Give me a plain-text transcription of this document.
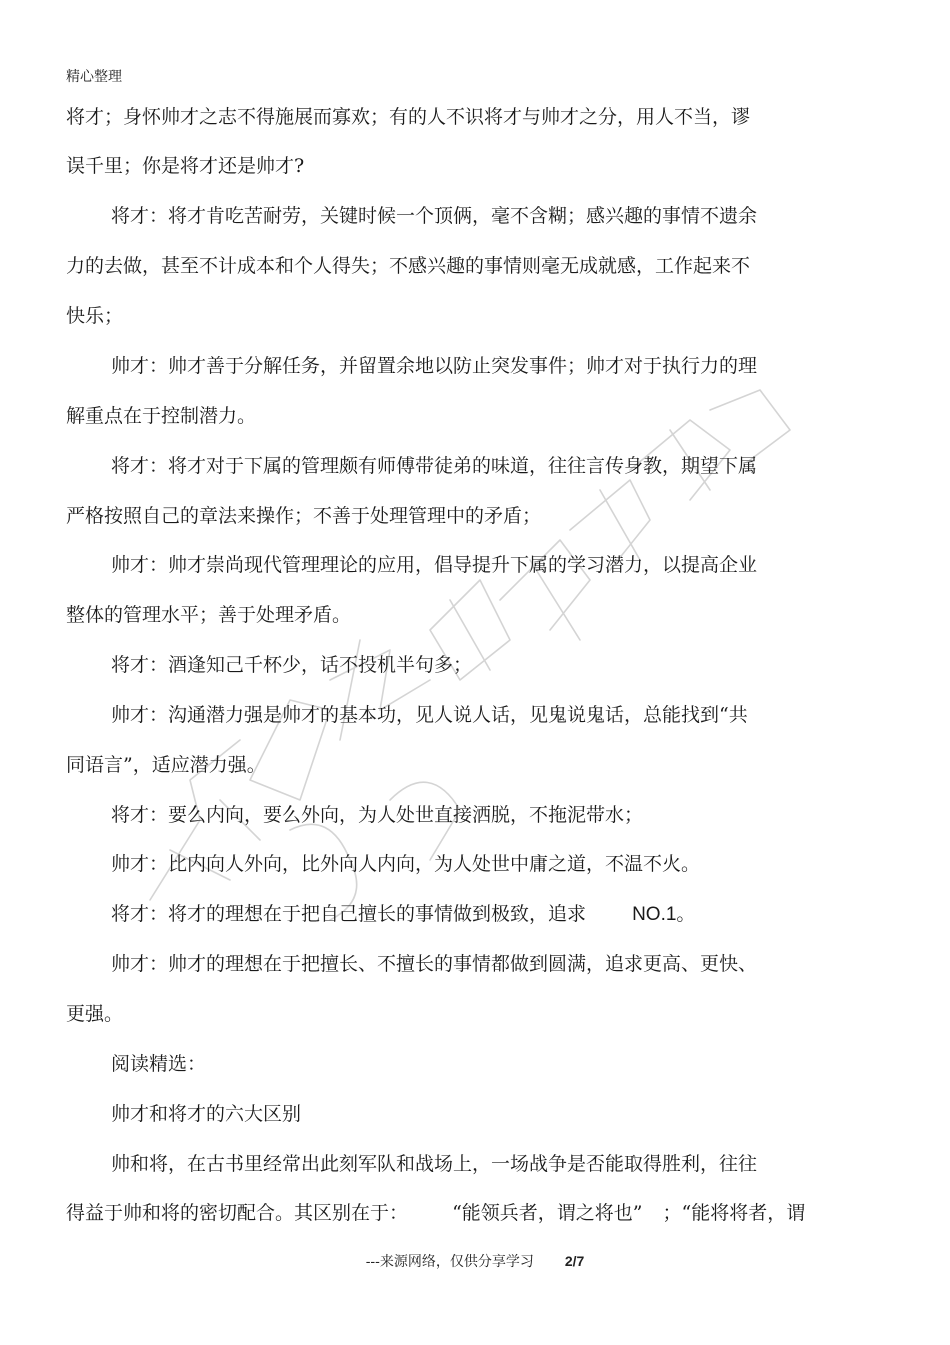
精心整理
将才；身怀帅才之志不得施展而寡欢；有的人不识将才与帅才之分，用人不当，谬
误千里；你是将才还是帅才?
将才：将才肯吃苦耐劳，关键时候一个顶俩，毫不含糊；感兴趣的事情不遗余
力的去做，甚至不计成本和个人得失；不感兴趣的事情则毫无成就感，工作起来不
快乐；
帅才：帅才善于分解任务，并留置余地以防止突发事件；帅才对于执行力的理
解重点在于控制潜力。
将才：将才对于下属的管理颇有师傅带徒弟的味道，往往言传身教，期望下属
严格按照自己的章法来操作；不善于处理管理中的矛盾；
帅才：帅才崇尚现代管理理论的应用，倡导提升下属的学习潜力，以提高企业
整体的管理水平；善于处理矛盾。
将才：酒逢知己千杯少，话不投机半句多；
帅才：沟通潜力强是帅才的基本功，见人说人话，见鬼说鬼话，总能找到“共
同语言”，适应潜力强。
将才：要么内向，要么外向，为人处世直接洒脱，不拖泥带水；
帅才：比内向人外向，比外向人内向，为人处世中庸之道，不温不火。
将才：将才的理想在于把自己擅长的事情做到极致，追求 NO.1。
帅才：帅才的理想在于把擅长、不擅长的事情都做到圆满，追求更高、更快、
更强。
阅读精选：
帅才和将才的六大区别
帅和将，在古书里经常出此刻军队和战场上，一场战争是否能取得胜利，往往
得益于帅和将的密切配合。其区别在于： “能领兵者，谓之将也” ；“能将将者，谓
---来源网络，仅供分享学习 2/7
